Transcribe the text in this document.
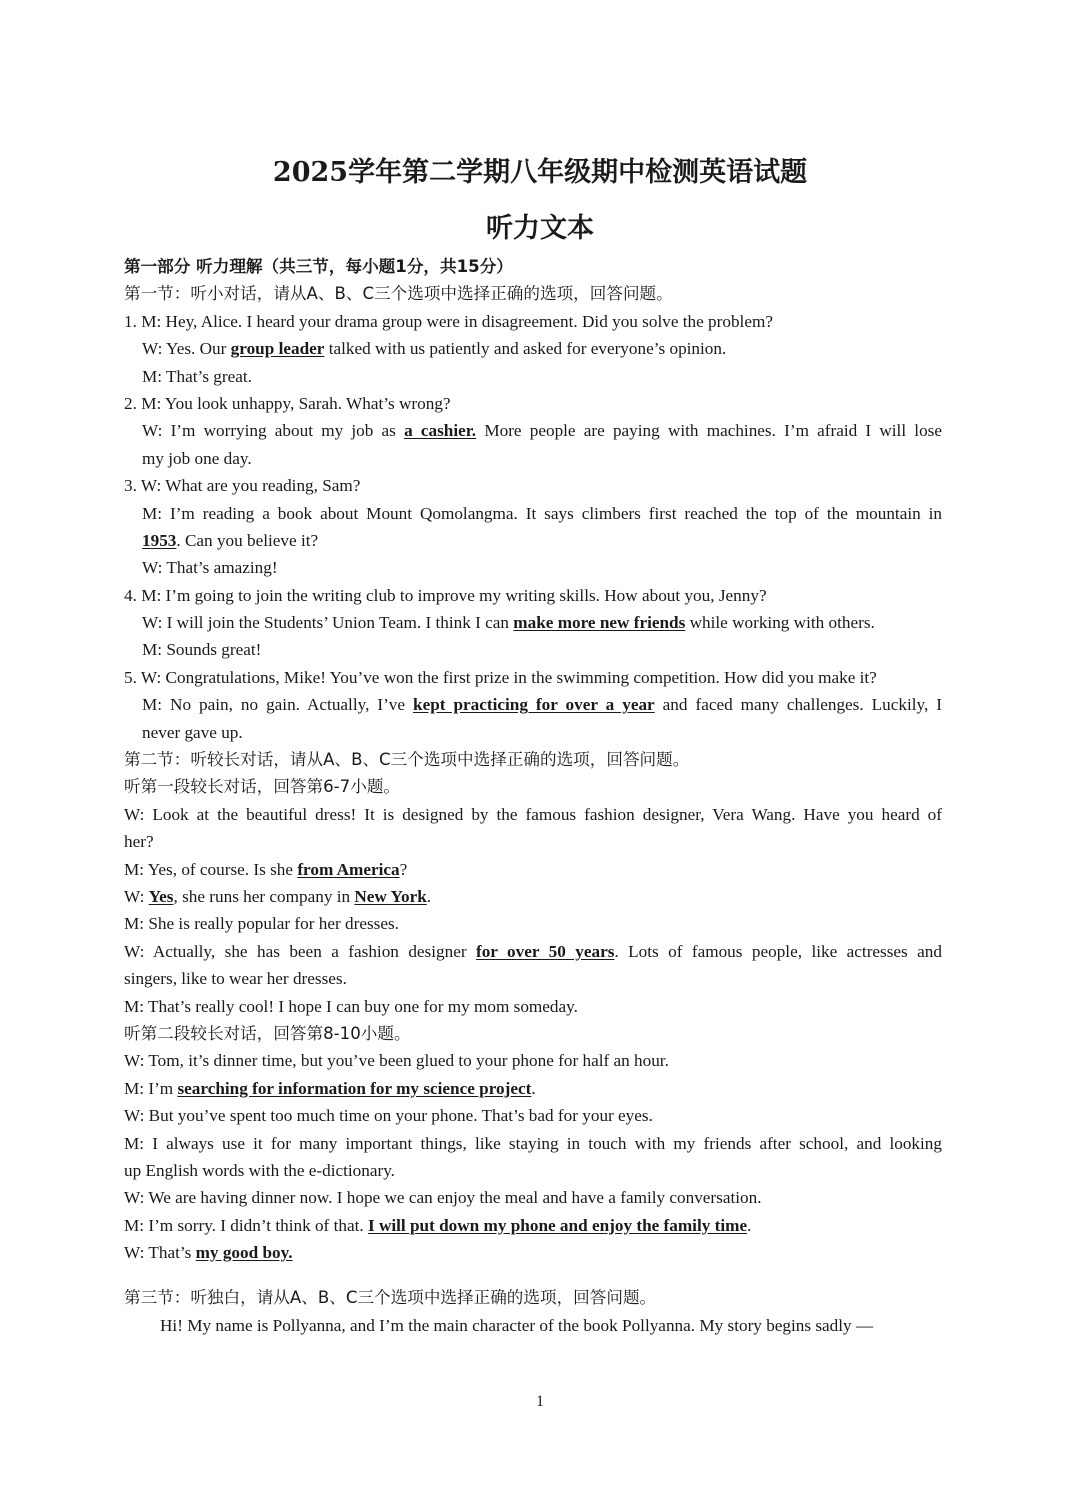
2025学年第二学期八年级期中检测英语试题
听力文本
第一部分 听力理解（共三节，每小题1分，共15分）
第一节：听小对话，请从A、B、C三个选项中选择正确的选项，回答问题。
1. M: Hey, Alice. I heard your drama group were in disagreement. Did you solve the problem?
W: Yes. Our group leader talked with us patiently and asked for everyone’s opinion.
M: That’s great.
2. M: You look unhappy, Sarah. What’s wrong?
W: I’m worrying about my job as a cashier. More people are paying with machines. I’m afraid I will lose
my job one day.
3. W: What are you reading, Sam?
M: I’m reading a book about Mount Qomolangma. It says climbers first reached the top of the mountain in
1953. Can you believe it?
W: That’s amazing!
4. M: I’m going to join the writing club to improve my writing skills. How about you, Jenny?
W: I will join the Students’ Union Team. I think I can make more new friends while working with others.
M: Sounds great!
5. W: Congratulations, Mike! You’ve won the first prize in the swimming competition. How did you make it?
M: No pain, no gain. Actually, I’ve kept practicing for over a year and faced many challenges. Luckily, I
never gave up.
第二节：听较长对话，请从A、B、C三个选项中选择正确的选项，回答问题。
听第一段较长对话，回答第6-7小题。
W: Look at the beautiful dress! It is designed by the famous fashion designer, Vera Wang. Have you heard of
her?
M: Yes, of course. Is she from America?
W: Yes, she runs her company in New York.
M: She is really popular for her dresses.
W: Actually, she has been a fashion designer for over 50 years. Lots of famous people, like actresses and
singers, like to wear her dresses.
M: That’s really cool! I hope I can buy one for my mom someday.
听第二段较长对话，回答第8-10小题。
W: Tom, it’s dinner time, but you’ve been glued to your phone for half an hour.
M: I’m searching for information for my science project.
W: But you’ve spent too much time on your phone. That’s bad for your eyes.
M: I always use it for many important things, like staying in touch with my friends after school, and looking
up English words with the e-dictionary.
W: We are having dinner now. I hope we can enjoy the meal and have a family conversation.
M: I’m sorry. I didn’t think of that. I will put down my phone and enjoy the family time.
W: That’s my good boy.
第三节：听独白，请从A、B、C三个选项中选择正确的选项，回答问题。
Hi! My name is Pollyanna, and I’m the main character of the book Pollyanna. My story begins sadly —
1
